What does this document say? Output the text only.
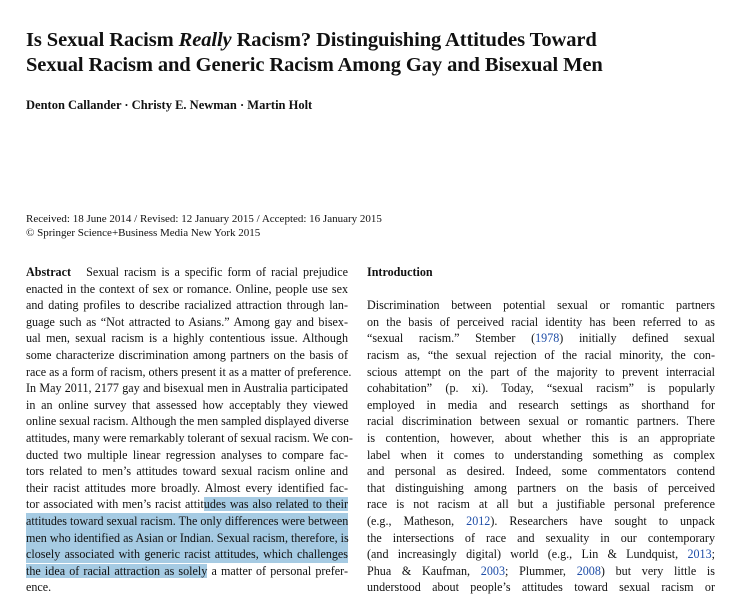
Is Sexual Racism Really Racism? Distinguishing Attitudes Toward
Sexual Racism and Generic Racism Among Gay and Bisexual Men
Denton Callander · Christy E. Newman · Martin Holt
Received: 18 June 2014 / Revised: 12 January 2015 / Accepted: 16 January 2015
© Springer Science+Business Media New York 2015
Abstract Sexual racism is a specific form of racial prejudice
enacted in the context of sex or romance. Online, people use sex
and dating profiles to describe racialized attraction through lan-
guage such as “Not attracted to Asians.” Among gay and bisex-
ual men, sexual racism is a highly contentious issue. Although
some characterize discrimination among partners on the basis of
race as a form of racism, others present it as a matter of preference.
In May 2011, 2177 gay and bisexual men in Australia participated
in an online survey that assessed how acceptably they viewed
online sexual racism. Although the men sampled displayed diverse
attitudes, many were remarkably tolerant of sexual racism. We con-
ducted two multiple linear regression analyses to compare fac-
tors related to men’s attitudes toward sexual racism online and
their racist attitudes more broadly. Almost every identified fac-
tor associated with men’s racist attitudes was also related to their
attitudes toward sexual racism. The only differences were between
men who identified as Asian or Indian. Sexual racism, therefore, is
closely associated with generic racist attitudes, which challenges
the idea of racial attraction as solely a matter of personal prefer-
ence.
Introduction
Discrimination between potential sexual or romantic partners
on the basis of perceived racial identity has been referred to as
“sexual racism.” Stember (1978) initially defined sexual
racism as, “the sexual rejection of the racial minority, the con-
scious attempt on the part of the majority to prevent interracial
cohabitation” (p. xi). Today, “sexual racism” is popularly
employed in media and research settings as shorthand for
racial discrimination between sexual or romantic partners. There
is contention, however, about whether this is an appropriate
label when it comes to understanding something as complex
and personal as desired. Indeed, some commentators contend
that distinguishing among partners on the basis of perceived
race is not racism at all but a justifiable personal preference
(e.g., Matheson, 2012). Researchers have sought to unpack
the intersections of race and sexuality in our contemporary
(and increasingly digital) world (e.g., Lin & Lundquist, 2013;
Phua & Kaufman, 2003; Plummer, 2008) but very little is
understood about people’s attitudes toward sexual racism or
